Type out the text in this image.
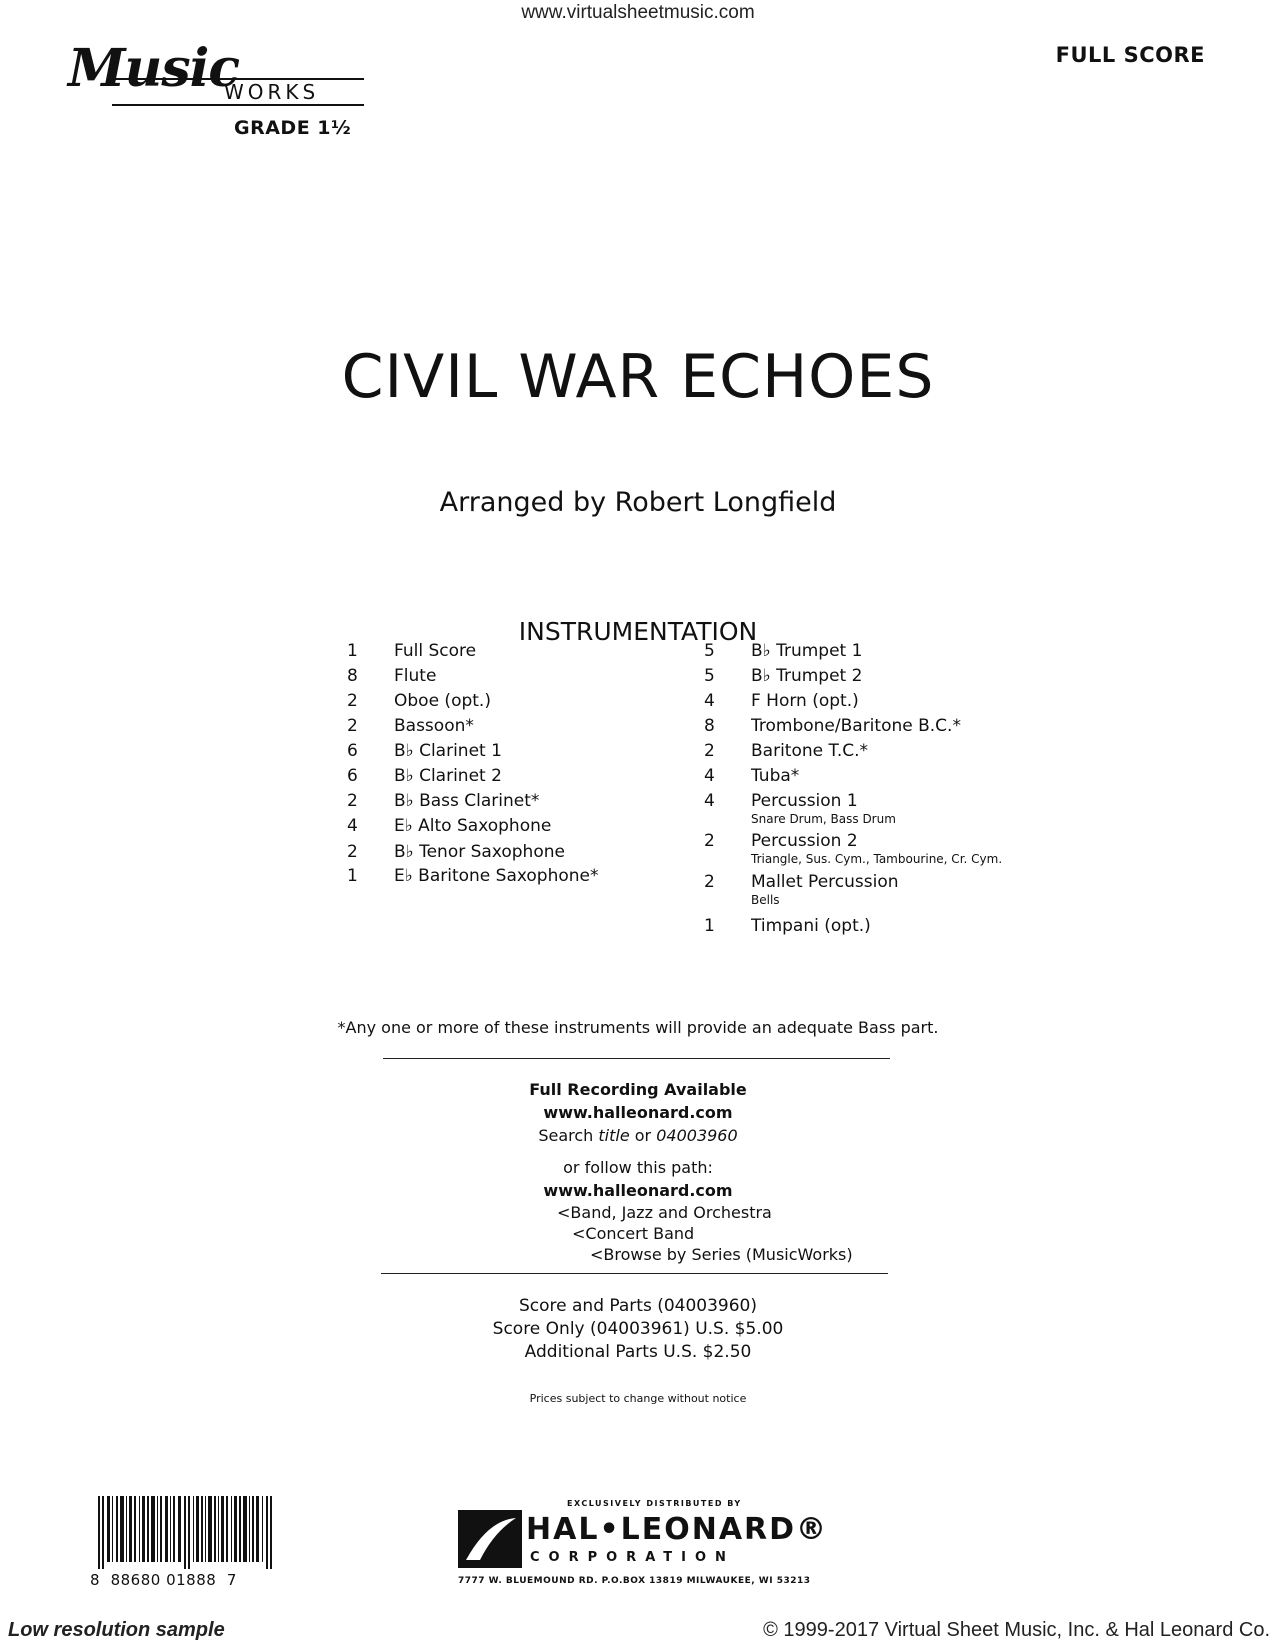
www.virtualsheetmusic.com
Music
WORKS
GRADE 1½
FULL SCORE
CIVIL WAR ECHOES
Arranged by Robert Longfield
INSTRUMENTATION
1	Full Score
8	Flute
2	Oboe (opt.)
2	Bassoon*
6	B♭ Clarinet 1
6	B♭ Clarinet 2
2	B♭ Bass Clarinet*
4	E♭ Alto Saxophone
2	B♭ Tenor Saxophone
1	E♭ Baritone Saxophone*
5	B♭ Trumpet 1
5	B♭ Trumpet 2
4	F Horn (opt.)
8	Trombone/Baritone B.C.*
2	Baritone T.C.*
4	Tuba*
4	Percussion 1
Snare Drum, Bass Drum
2	Percussion 2
Triangle, Sus. Cym., Tambourine, Cr. Cym.
2	Mallet Percussion
Bells
1	Timpani (opt.)
*Any one or more of these instruments will provide an adequate Bass part.
Full Recording Available
www.halleonard.com
Search title or 04003960
or follow this path:
www.halleonard.com
<Band, Jazz and Orchestra
<Concert Band
<Browse by Series (MusicWorks)
Score and Parts (04003960)
Score Only (04003961) U.S. $5.00
Additional Parts U.S. $2.50
Prices subject to change without notice
8  88680 01888  7
EXCLUSIVELY DISTRIBUTED BY
HAL•LEONARD®
CORPORATION
7777 W. BLUEMOUND RD. P.O.BOX 13819 MILWAUKEE, WI 53213
Low resolution sample	© 1999-2017 Virtual Sheet Music, Inc. & Hal Leonard Co.
